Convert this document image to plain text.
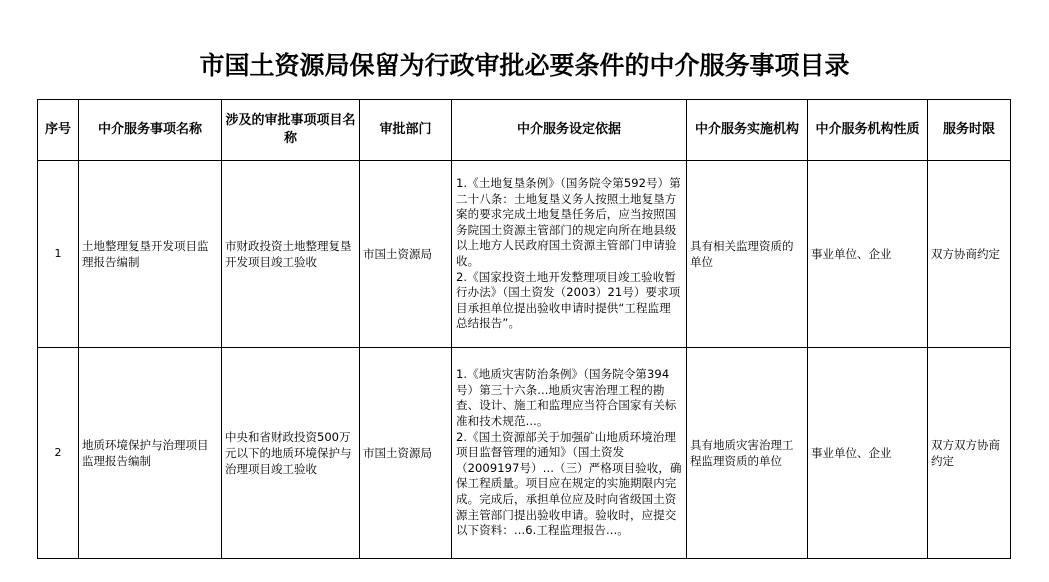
市国土资源局保留为行政审批必要条件的中介服务事项目录
序号	中介服务事项名称	涉及的审批事项项目名称	审批部门	中介服务设定依据	中介服务实施机构	中介服务机构性质	服务时限
1	土地整理复垦开发项目监理报告编制	市财政投资土地整理复垦开发项目竣工验收	市国土资源局	1.《土地复垦条例》（国务院令第592号）第二十八条：土地复垦义务人按照土地复垦方案的要求完成土地复垦任务后，应当按照国务院国土资源主管部门的规定向所在地县级以上地方人民政府国土资源主管部门申请验收。
2.《国家投资土地开发整理项目竣工验收暂行办法》（国土资发（2003）21号）要求项目承担单位提出验收申请时提供“工程监理总结报告”。	具有相关监理资质的单位	事业单位、企业	双方协商约定
2	地质环境保护与治理项目监理报告编制	中央和省财政投资500万元以下的地质环境保护与治理项目竣工验收	市国土资源局	1.《地质灾害防治条例》（国务院令第394号）第三十六条...地质灾害治理工程的勘查、设计、施工和监理应当符合国家有关标准和技术规范...。
2.《国土资源部关于加强矿山地质环境治理项目监督管理的通知》（国土资发（2009197号）...（三）严格项目验收，确保工程质量。项目应在规定的实施期限内完成。完成后，承担单位应及时向省级国土资源主管部门提出验收申请。验收时，应提交以下资料：...6.工程监理报告...。	具有地质灾害治理工程监理资质的单位	事业单位、企业	双方双方协商约定
